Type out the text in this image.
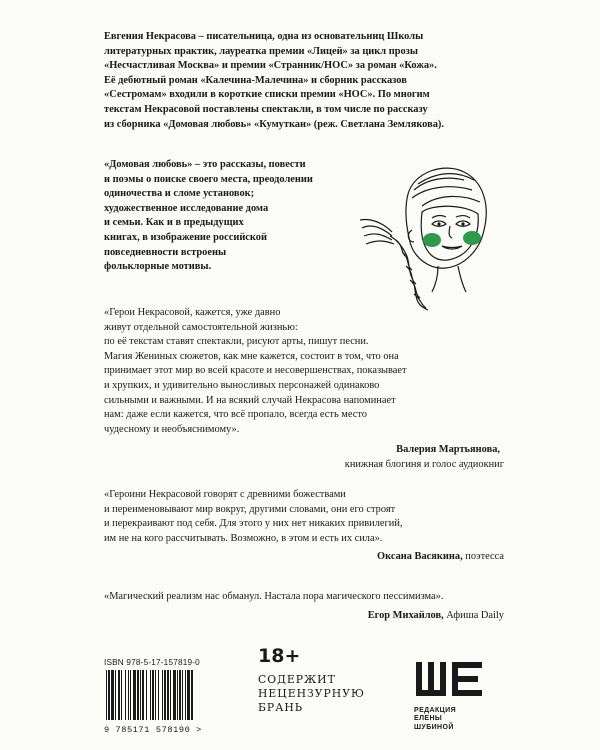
Евгения Некрасова – писательница, одна из основательниц Школы

литературных практик, лауреатка премии «Лицей» за цикл прозы

«Несчастливая Москва» и премии «Странник/НОС» за роман «Кожа».

Её дебютный роман «Калечина-Малечина» и сборник рассказов

«Сестромам» входили в короткие списки премии «НОС». По многим

текстам Некрасовой поставлены спектакли, в том числе по рассказу

из сборника «Домовая любовь» «Кумуткан» (реж. Светлана Землякова).

«Домовая любовь» – это рассказы, повести

и поэмы о поиске своего места, преодолении

одиночества и сломе установок;

художественное исследование дома

и семьи. Как и в предыдущих

книгах, в изображение российской

повседневности встроены

фольклорные мотивы.

«Герои Некрасовой, кажется, уже давно

живут отдельной самостоятельной жизнью:

по её текстам ставят спектакли, рисуют арты, пишут песни.

Магия Жениных сюжетов, как мне кажется, состоит в том, что она

принимает этот мир во всей красоте и несовершенствах, показывает

и хрупких, и удивительно выносливых персонажей одинаково

сильными и важными. И на всякий случай Некрасова напоминает

нам: даже если кажется, что всё пропало, всегда есть место

чудесному и необъяснимому».

Валерия Мартьянова,

книжная блогиня и голос аудиокниг

«Героини Некрасовой говорят с древними божествами

и переименовывают мир вокруг, другими словами, они его строят

и перекраивают под себя. Для этого у них нет никаких привилегий,

им не на кого рассчитывать. Возможно, в этом и есть их сила».

Оксана Васякина, поэтесса

«Магический реализм нас обманул. Настала пора магического пессимизма».

Егор Михайлов, Афиша Daily

ISBN 978-5-17-157819-0
9 785171 578190 >
18+
СОДЕРЖИТ
НЕЦЕНЗУРНУЮ
БРАНЬ	РЕДАКЦИЯ
ЕЛЕНЫ ШУБИНОЙ
